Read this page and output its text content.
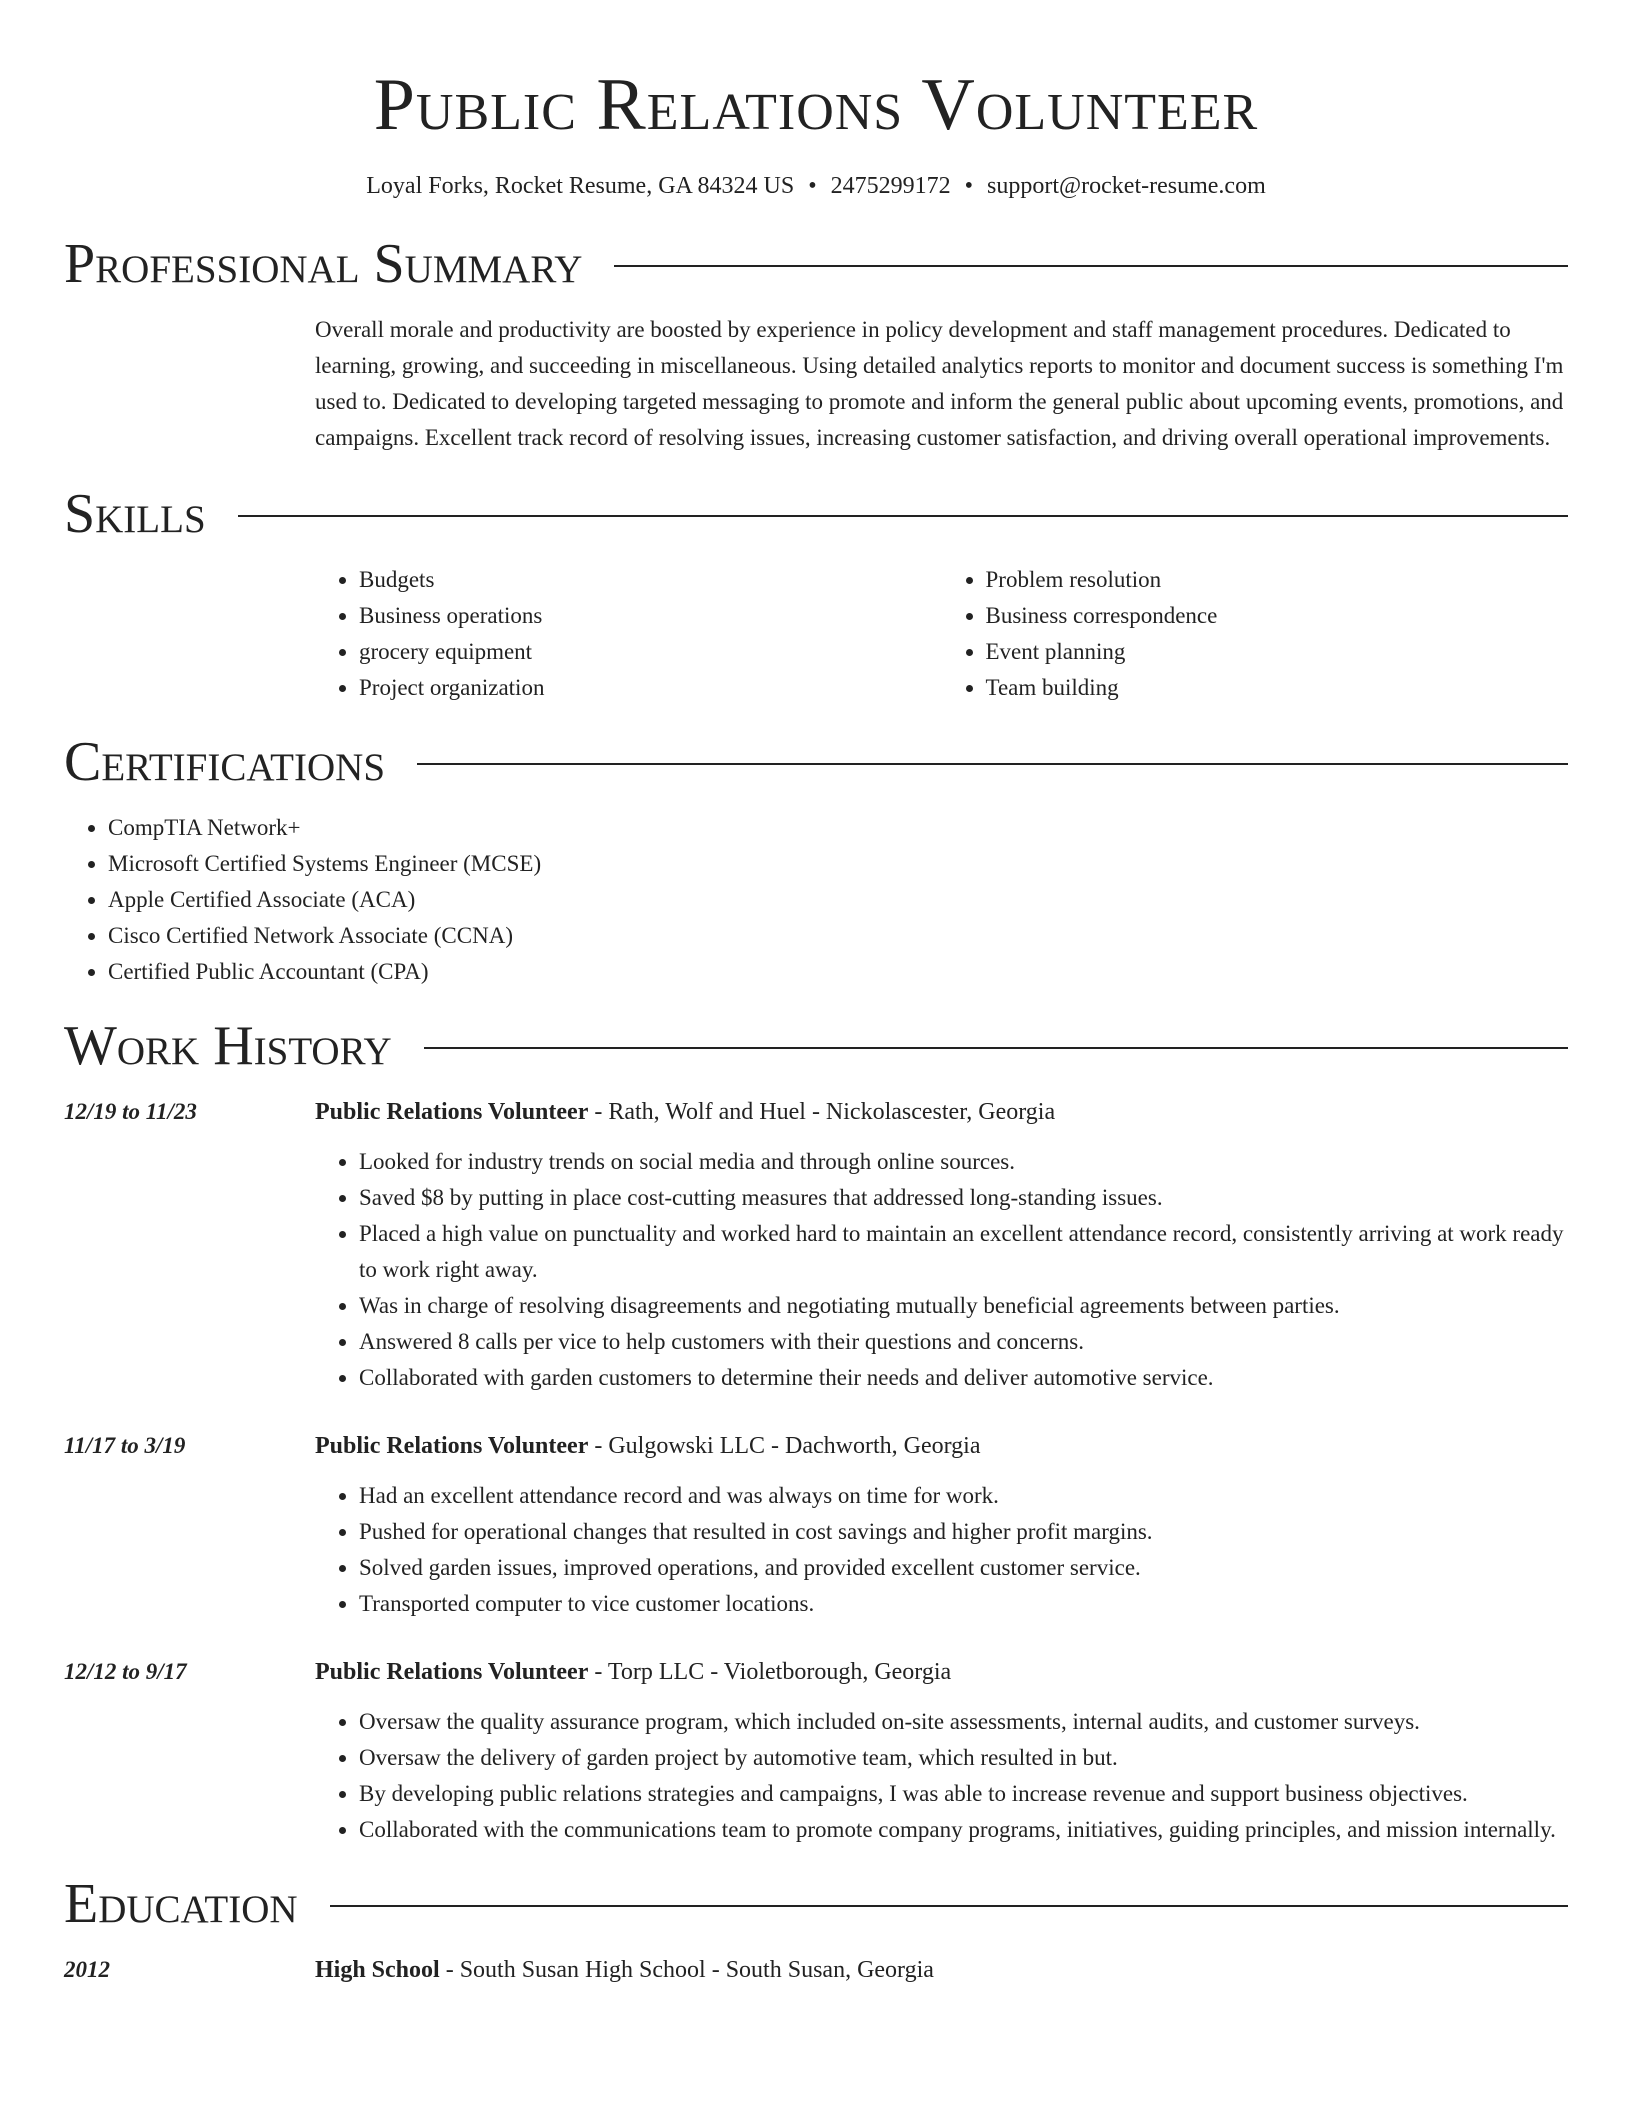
Public Relations Volunteer
Loyal Forks, Rocket Resume, GA 84324 US • 2475299172 • support@rocket-resume.com
Professional Summary
Overall morale and productivity are boosted by experience in policy development and staff management procedures. Dedicated to learning, growing, and succeeding in miscellaneous. Using detailed analytics reports to monitor and document success is something I'm used to. Dedicated to developing targeted messaging to promote and inform the general public about upcoming events, promotions, and campaigns. Excellent track record of resolving issues, increasing customer satisfaction, and driving overall operational improvements.
Skills
• Budgets
• Business operations
• grocery equipment
• Project organization
• Problem resolution
• Business correspondence
• Event planning
• Team building
Certifications
• CompTIA Network+
• Microsoft Certified Systems Engineer (MCSE)
• Apple Certified Associate (ACA)
• Cisco Certified Network Associate (CCNA)
• Certified Public Accountant (CPA)
Work History
12/19 to 11/23	Public Relations Volunteer - Rath, Wolf and Huel - Nickolascester, Georgia
• Looked for industry trends on social media and through online sources.
• Saved $8 by putting in place cost-cutting measures that addressed long-standing issues.
• Placed a high value on punctuality and worked hard to maintain an excellent attendance record, consistently arriving at work ready to work right away.
• Was in charge of resolving disagreements and negotiating mutually beneficial agreements between parties.
• Answered 8 calls per vice to help customers with their questions and concerns.
• Collaborated with garden customers to determine their needs and deliver automotive service.
11/17 to 3/19	Public Relations Volunteer - Gulgowski LLC - Dachworth, Georgia
• Had an excellent attendance record and was always on time for work.
• Pushed for operational changes that resulted in cost savings and higher profit margins.
• Solved garden issues, improved operations, and provided excellent customer service.
• Transported computer to vice customer locations.
12/12 to 9/17	Public Relations Volunteer - Torp LLC - Violetborough, Georgia
• Oversaw the quality assurance program, which included on-site assessments, internal audits, and customer surveys.
• Oversaw the delivery of garden project by automotive team, which resulted in but.
• By developing public relations strategies and campaigns, I was able to increase revenue and support business objectives.
• Collaborated with the communications team to promote company programs, initiatives, guiding principles, and mission internally.
Education
2012	High School - South Susan High School - South Susan, Georgia
